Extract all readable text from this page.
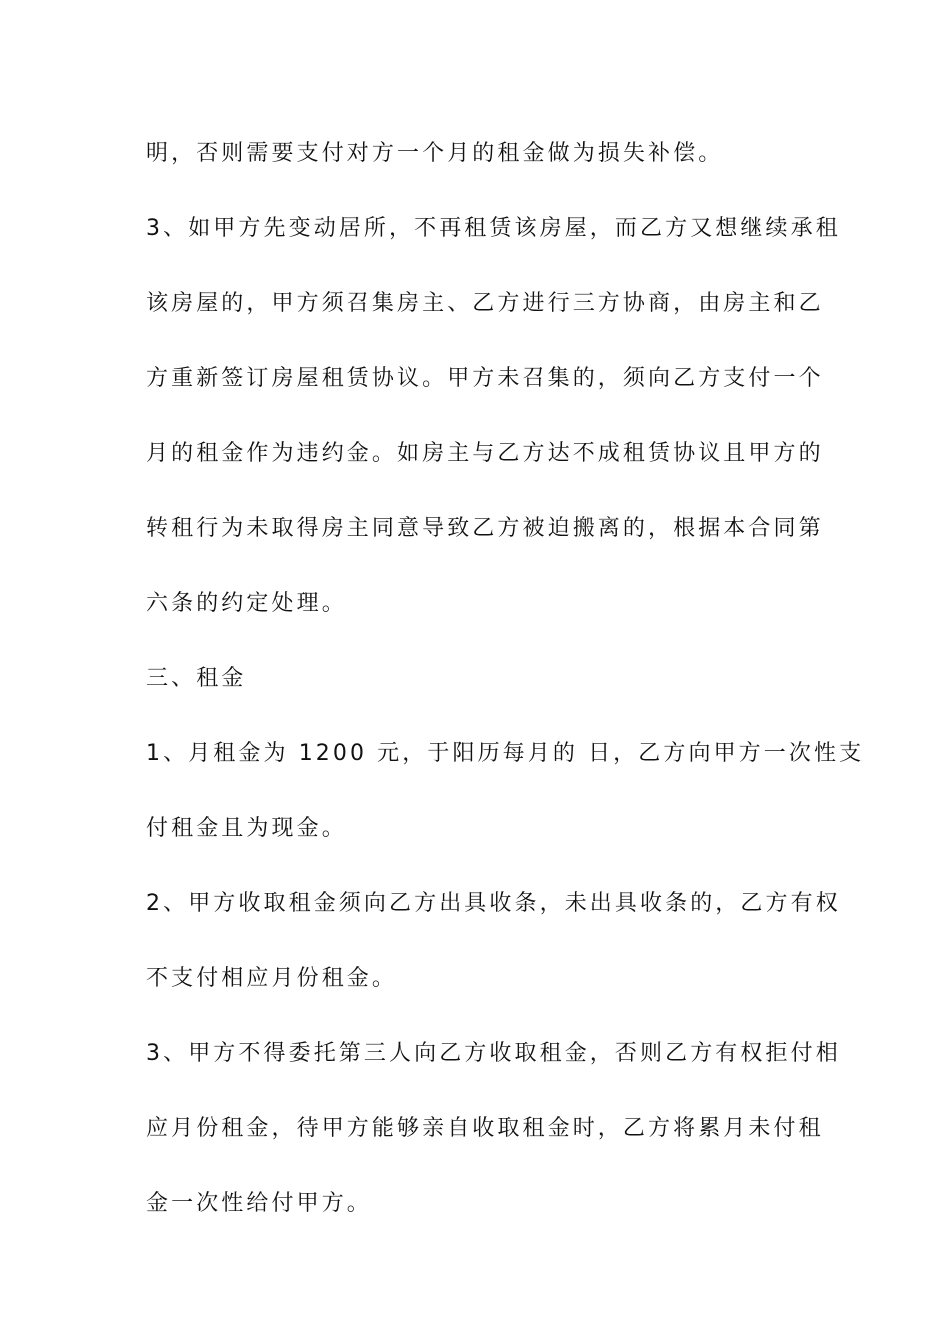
明，否则需要支付对方一个月的租金做为损失补偿。
3、如甲方先变动居所，不再租赁该房屋，而乙方又想继续承租
该房屋的，甲方须召集房主、乙方进行三方协商，由房主和乙
方重新签订房屋租赁协议。甲方未召集的，须向乙方支付一个
月的租金作为违约金。如房主与乙方达不成租赁协议且甲方的
转租行为未取得房主同意导致乙方被迫搬离的，根据本合同第
六条的约定处理。
三、租金
1、月租金为 1200 元，于阳历每月的 日，乙方向甲方一次性支
付租金且为现金。
2、甲方收取租金须向乙方出具收条，未出具收条的，乙方有权
不支付相应月份租金。
3、甲方不得委托第三人向乙方收取租金，否则乙方有权拒付相
应月份租金，待甲方能够亲自收取租金时，乙方将累月未付租
金一次性给付甲方。
